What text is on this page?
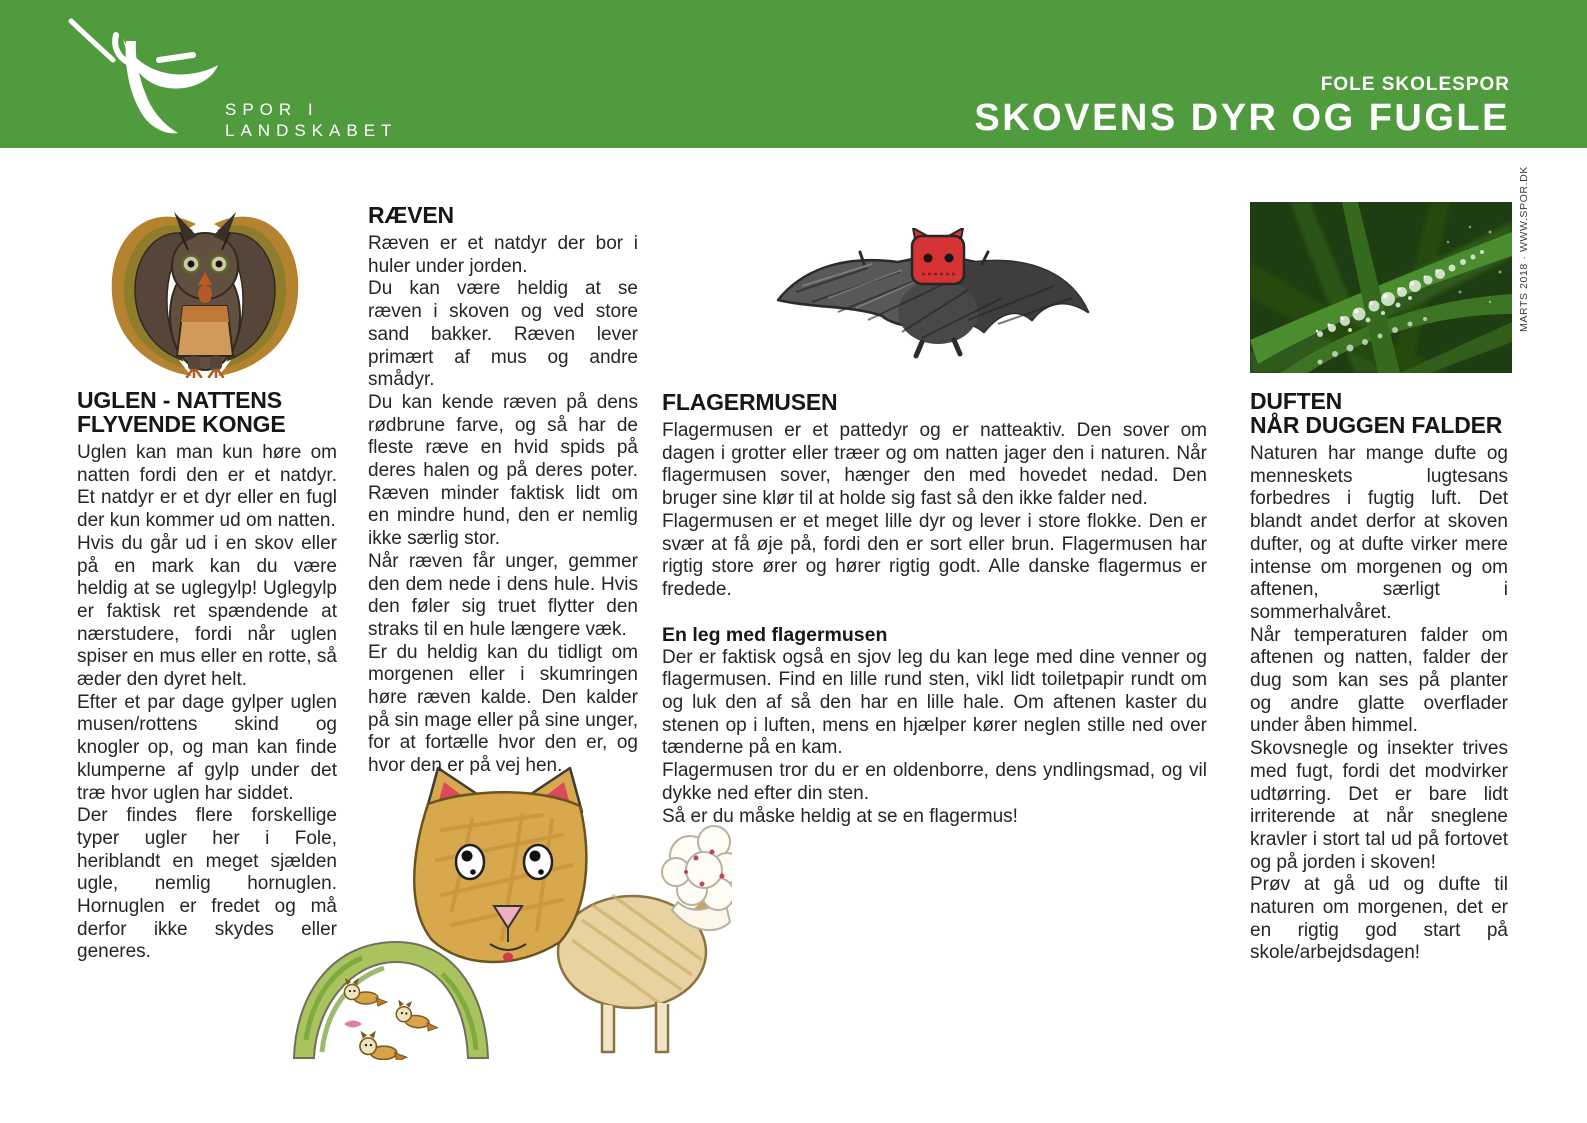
SPOR I
LANDSKABET
FOLE SKOLESPOR
SKOVENS DYR OG FUGLE
UGLEN - NATTENS
FLYVENDE KONGE

Uglen kan man kun høre om natten fordi den er et natdyr. Et natdyr er et dyr eller en fugl der kun kommer ud om natten.

Hvis du går ud i en skov eller på en mark kan du være heldig at se uglegylp! Uglegylp er faktisk ret spændende at nærstudere, fordi når uglen spiser en mus eller en rotte, så æder den dyret helt.

Efter et par dage gylper uglen musen/rottens skind og knogler op, og man kan finde klumperne af gylp under det træ hvor uglen har siddet.

Der findes flere forskellige typer ugler her i Fole, heriblandt en meget sjælden ugle, nemlig hornuglen. Hornuglen er fredet og må derfor ikke skydes eller generes.

RÆVEN

Ræven er et natdyr der bor i huler under jorden.

Du kan være heldig at se ræven i skoven og ved store sand bakker. Ræven lever primært af mus og andre smådyr.

Du kan kende ræven på dens rødbrune farve, og så har de fleste ræve en hvid spids på deres halen og på deres poter. Ræven minder faktisk lidt om en mindre hund, den er nemlig ikke særlig stor.

Når ræven får unger, gemmer den dem nede i dens hule. Hvis den føler sig truet flytter den straks til en hule længere væk.

Er du heldig kan du tidligt om morgenen eller i skumringen høre ræven kalde. Den kalder på sin mage eller på sine unger, for at fortælle hvor den er, og hvor den er på vej hen.

FLAGERMUSEN

Flagermusen er et pattedyr og er natteaktiv. Den sover om dagen i grotter eller træer og om natten jager den i naturen. Når flagermusen sover, hænger den med hovedet nedad. Den bruger sine klør til at holde sig fast så den ikke falder ned.

Flagermusen er et meget lille dyr og lever i store flokke. Den er svær at få øje på, fordi den er sort eller brun. Flagermusen har rigtig store ører og hører rigtig godt. Alle danske flagermus er fredede.

En leg med flagermusen

Der er faktisk også en sjov leg du kan lege med dine venner og flagermusen. Find en lille rund sten, vikl lidt toiletpapir rundt om og luk den af så den har en lille hale. Om aftenen kaster du stenen op i luften, mens en hjælper kører neglen stille ned over tænderne på en kam.

Flagermusen tror du er en oldenborre, dens yndlingsmad, og vil dykke ned efter din sten.

Så er du måske heldig at se en flagermus!

DUFTEN
NÅR DUGGEN FALDER

Naturen har mange dufte og menneskets lugtesans forbedres i fugtig luft. Det blandt andet derfor at skoven dufter, og at dufte virker mere intense om morgenen og om aftenen, særligt i sommerhalvåret.

Når temperaturen falder om aftenen og natten, falder der dug som kan ses på planter og andre glatte overflader under åben himmel.

Skovsnegle og insekter trives med fugt, fordi det modvirker udtørring. Det er bare lidt irriterende at når sneglene kravler i stort tal ud på fortovet og på jorden i skoven!

Prøv at gå ud og dufte til naturen om morgenen, det er en rigtig god start på skole/arbejdsdagen!

MARTS 2018 · WWW.SPOR.DK
